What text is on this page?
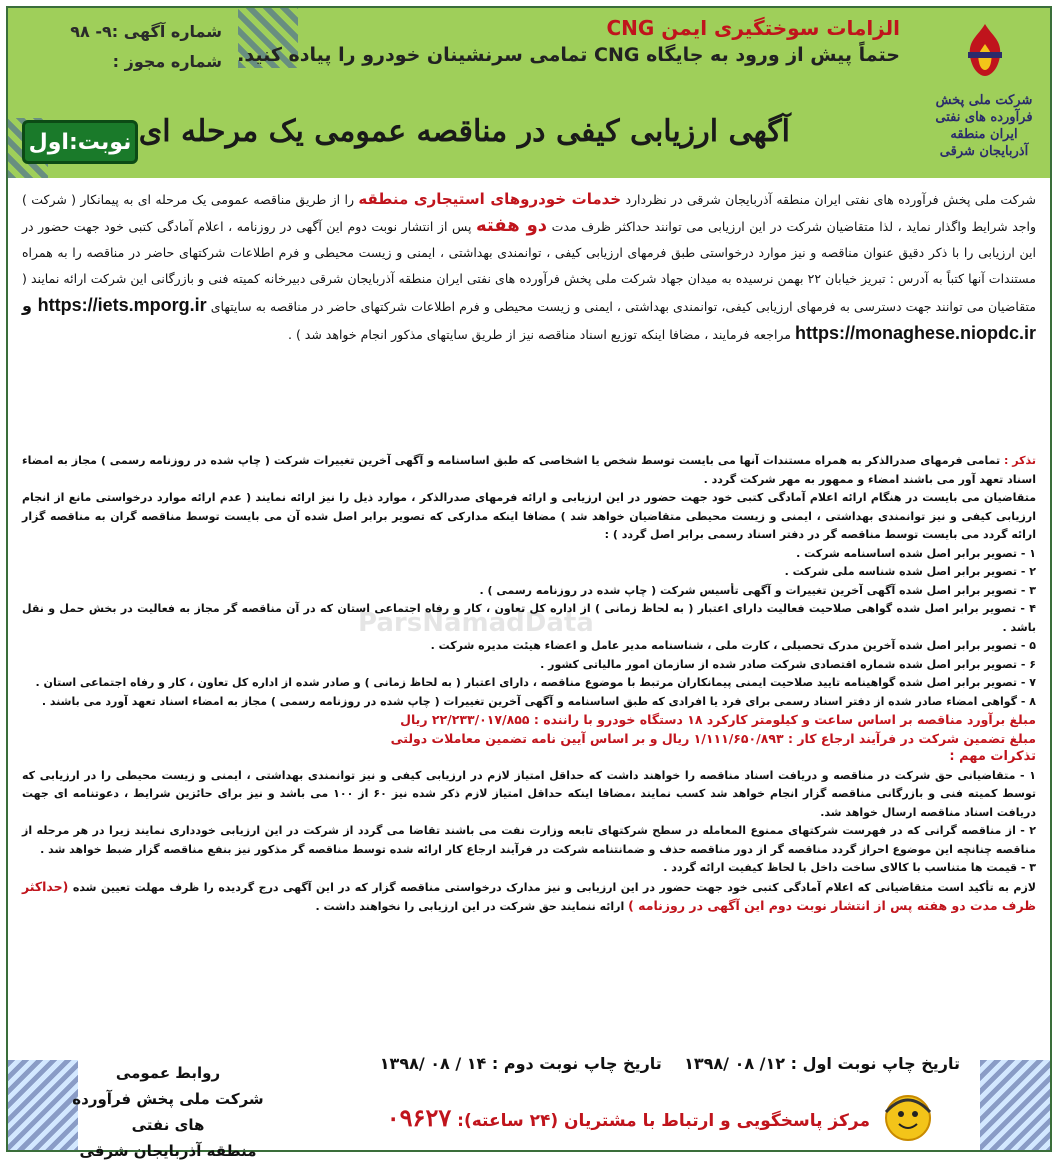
شرکت ملی پخش فرآورده های نفتی ایران منطقه آذربایجان شرقی
الزامات سوختگیری ایمن CNG
حتماً پیش از ورود به جایگاه CNG تمامی سرنشینان خودرو را پیاده کنید.
آگهی ارزیابی کیفی در مناقصه عمومی یک مرحله ای
شماره آگهی :۹- ۹۸
شماره مجوز :
نوبت:اول
شرکت ملی پخش فرآورده های نفتی ایران منطقه آذربایجان شرقی در نظردارد خدمات خودروهای استیجاری منطقه را از طریق مناقصه عمومی یک مرحله ای به پیمانکار ( شرکت ) واجد شرایط واگذار نماید ، لذا متقاضیان شرکت در این ارزیابی می توانند حداکثر ظرف مدت دو هفته پس از انتشار نوبت دوم این آگهی در روزنامه ، اعلام آمادگی کتبی خود جهت حضور در این ارزیابی را با ذکر دقیق عنوان مناقصه و نیز موارد درخواستی طبق فرمهای ارزیابی کیفی ، توانمندی بهداشتی ، ایمنی و زیست محیطی و فرم اطلاعات شرکتهای حاضر در مناقصه را به همراه مستندات آنها کتباً به آدرس : تبریز خیابان ۲۲ بهمن نرسیده به میدان جهاد شرکت ملی پخش فرآورده های نفتی ایران منطقه آذربایجان شرقی دبیرخانه کمیته فنی و بازرگانی این شرکت ارائه نمایند ( متقاضیان می توانند جهت دسترسی به فرمهای ارزیابی کیفی، توانمندی بهداشتی ، ایمنی و زیست محیطی و فرم اطلاعات شرکتهای حاضر در مناقصه به سایتهای https://iets.mporg.ir و https://monaghese.niopdc.ir مراجعه فرمایند ، مضافا اینکه توزیع اسناد مناقصه نیز از طریق سایتهای مذکور انجام خواهد شد ) .
تذکر : تمامی فرمهای صدرالذکر به همراه مستندات آنها می بایست توسط شخص یا اشخاصی که طبق اساسنامه و آگهی آخرین تغییرات شرکت ( چاپ شده در روزنامه رسمی ) مجاز به امضاء اسناد تعهد آور می باشند امضاء و ممهور به مهر شرکت گردد .
متقاضیان می بایست در هنگام ارائه اعلام آمادگی کتبی خود جهت حضور در این ارزیابی و ارائه فرمهای صدرالذکر ، موارد ذیل را نیز ارائه نمایند ( عدم ارائه موارد درخواستی مانع از انجام ارزیابی کیفی و نیز توانمندی بهداشتی ، ایمنی و زیست محیطی متقاضیان خواهد شد ) مضافا اینکه مدارکی که تصویر برابر اصل شده آن می بایست توسط مناقصه گران به مناقصه گزار ارائه گردد می بایست توسط مناقصه گر در دفتر اسناد رسمی برابر اصل گردد ) :
۱ - تصویر برابر اصل شده اساسنامه شرکت .
۲ - تصویر برابر اصل شده شناسه ملی شرکت .
۳ - تصویر برابر اصل شده آگهی آخرین تغییرات و آگهی تأسیس شرکت ( چاپ شده در روزنامه رسمی ) .
۴ - تصویر برابر اصل شده گواهی صلاحیت فعالیت دارای اعتبار ( به لحاظ زمانی ) از اداره کل تعاون ، کار و رفاه اجتماعی استان که در آن مناقصه گر مجاز به فعالیت در بخش حمل و نقل باشد .
۵ - تصویر برابر اصل شده آخرین مدرک تحصیلی ، کارت ملی ، شناسنامه مدیر عامل و اعضاء هیئت مدیره شرکت .
۶ - تصویر برابر اصل شده شماره اقتصادی شرکت صادر شده از سازمان امور مالیاتی کشور .
۷ - تصویر برابر اصل شده گواهینامه تایید صلاحیت ایمنی پیمانکاران مرتبط با موضوع مناقصه ، دارای اعتبار ( به لحاظ زمانی ) و صادر شده از اداره کل تعاون ، کار و رفاه اجتماعی استان .
۸ - گواهی امضاء صادر شده از دفتر اسناد رسمی برای فرد یا افرادی که طبق اساسنامه و آگهی آخرین تغییرات ( چاپ شده در روزنامه رسمی ) مجاز به امضاء اسناد تعهد آورد می باشند .
مبلغ برآورد مناقصه بر اساس ساعت و کیلومتر کارکرد ۱۸ دستگاه خودرو با راننده : ۲۲/۲۳۳/۰۱۷/۸۵۵ ریال
مبلغ تضمین شرکت در فرآیند ارجاع کار : ۱/۱۱۱/۶۵۰/۸۹۳ ریال و بر اساس آیین نامه تضمین معاملات دولتی
تذکرات مهم :
۱ - متقاضیانی حق شرکت در مناقصه و دریافت اسناد مناقصه را خواهند داشت که حداقل امتیاز لازم در ارزیابی کیفی و نیز توانمندی بهداشتی ، ایمنی و زیست محیطی را در ارزیابی که توسط کمیته فنی و بازرگانی مناقصه گزار انجام خواهد شد کسب نمایند ،مضافا اینکه حداقل امتیاز لازم ذکر شده نیز ۶۰ از ۱۰۰ می باشد و نیز برای حائزین شرایط ، دعوتنامه ای جهت دریافت اسناد مناقصه ارسال خواهد شد.
۲ - از مناقصه گرانی که در فهرست شرکتهای ممنوع المعامله در سطح شرکتهای تابعه وزارت نفت می باشند تقاضا می گردد از شرکت در این ارزیابی خودداری نمایند زیرا در هر مرحله از مناقصه چنانچه این موضوع احراز گردد مناقصه گر از دور مناقصه حذف و ضمانتنامه شرکت در فرآیند ارجاع کار ارائه شده توسط مناقصه گر مذکور نیز بنفع مناقصه گزار ضبط خواهد شد .
۳ - قیمت ها متناسب با کالای ساخت داخل با لحاظ کیفیت ارائه گردد .
لازم به تأکید است متقاضیانی که اعلام آمادگی کتبی خود جهت حضور در این ارزیابی و نیز مدارک درخواستی مناقصه گزار که در این آگهی درج گردیده را ظرف مهلت تعیین شده (حداکثر ظرف مدت دو هفته پس از انتشار نوبت دوم این آگهی در روزنامه ) ارائه ننمایند حق شرکت در این ارزیابی را نخواهند داشت .
ParsNamadData
تاریخ چاپ نوبت اول : ۱۲/ ۰۸ /۱۳۹۸    تاریخ چاپ نوبت دوم : ۱۴ / ۰۸ /۱۳۹۸
مرکز پاسخگویی و ارتباط با مشتریان (۲۴ ساعته): ۰۹۶۲۷
روابط عمومی
شرکت ملی پخش فرآورده های نفتی
منطقه آذربایجان شرقی
